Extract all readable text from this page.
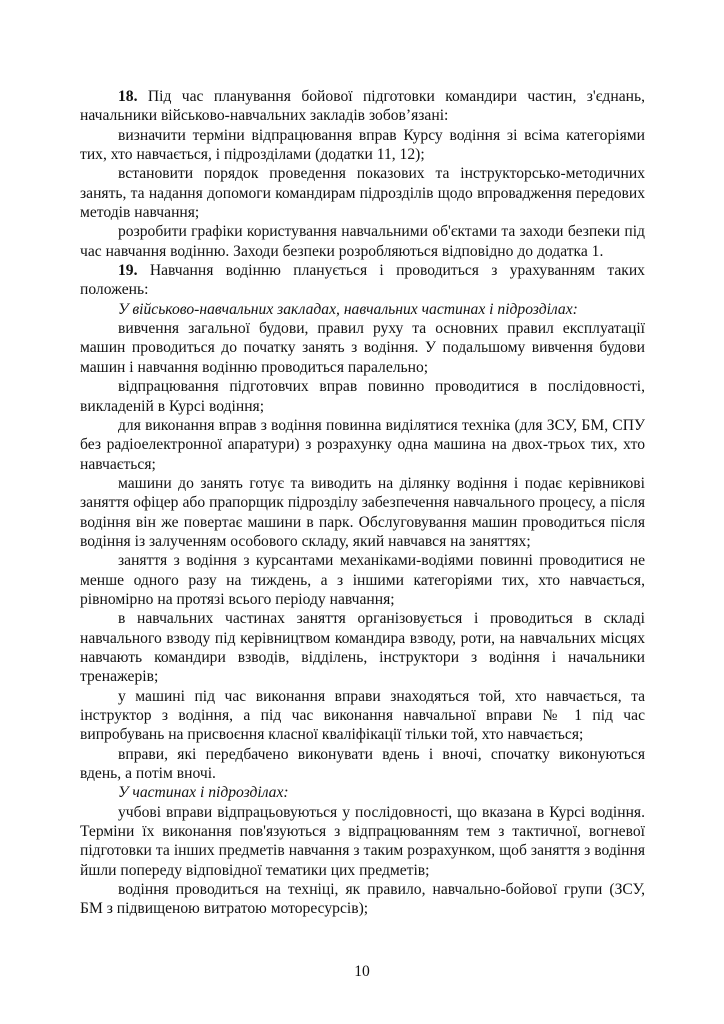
18. Під час планування бойової підготовки командири частин, з'єднань, начальники військово-навчальних закладів зобов’язані:

визначити терміни відпрацювання вправ Курсу водіння зі всіма категоріями тих, хто навчається, і підрозділами (додатки 11, 12);

встановити порядок проведення показових та інструкторсько-методичних занять, та надання допомоги командирам підрозділів щодо впровадження передових методів навчання;

розробити графіки користування навчальними об'єктами та заходи безпеки під час навчання водінню. Заходи безпеки розробляються відповідно до додатка 1.

19. Навчання водінню планується і проводиться з урахуванням таких положень:

У військово-навчальних закладах, навчальних частинах і підрозділах:

вивчення загальної будови, правил руху та основних правил експлуатації машин проводиться до початку занять з водіння. У подальшому вивчення будови машин і навчання водінню проводиться паралельно;

відпрацювання підготовчих вправ повинно проводитися в послідовності, викладеній в Курсі водіння;

для виконання вправ з водіння повинна виділятися техніка (для ЗСУ, БМ, СПУ без радіоелектронної апаратури) з розрахунку одна машина на двох-трьох тих, хто навчається;

машини до занять готує та виводить на ділянку водіння і подає керівникові заняття офіцер або прапорщик підрозділу забезпечення навчального процесу, а після водіння він же повертає машини в парк. Обслуговування машин проводиться після водіння із залученням особового складу, який навчався на заняттях;

заняття з водіння з курсантами механіками-водіями повинні проводитися не менше одного разу на тиждень, а з іншими категоріями тих, хто навчається, рівномірно на протязі всього періоду навчання;

в навчальних частинах заняття організовується і проводиться в складі навчального взводу під керівництвом командира взводу, роти, на навчальних місцях навчають командири взводів, відділень, інструктори з водіння і начальники тренажерів;

у машині під час виконання вправи знаходяться той, хто навчається, та інструктор з водіння, а під час виконання навчальної вправи № 1 під час випробувань на присвоєння класної кваліфікації тільки той, хто навчається;

вправи, які передбачено виконувати вдень і вночі, спочатку виконуються вдень, а потім вночі.

У частинах і підрозділах:

учбові вправи відпрацьовуються у послідовності, що вказана в Курсі водіння. Терміни їх виконання пов'язуються з відпрацюванням тем з тактичної, вогневої підготовки та інших предметів навчання з таким розрахунком, щоб заняття з водіння йшли попереду відповідної тематики цих предметів;

водіння проводиться на техніці, як правило, навчально-бойової групи (ЗСУ, БМ з підвищеною витратою моторесурсів);

10
